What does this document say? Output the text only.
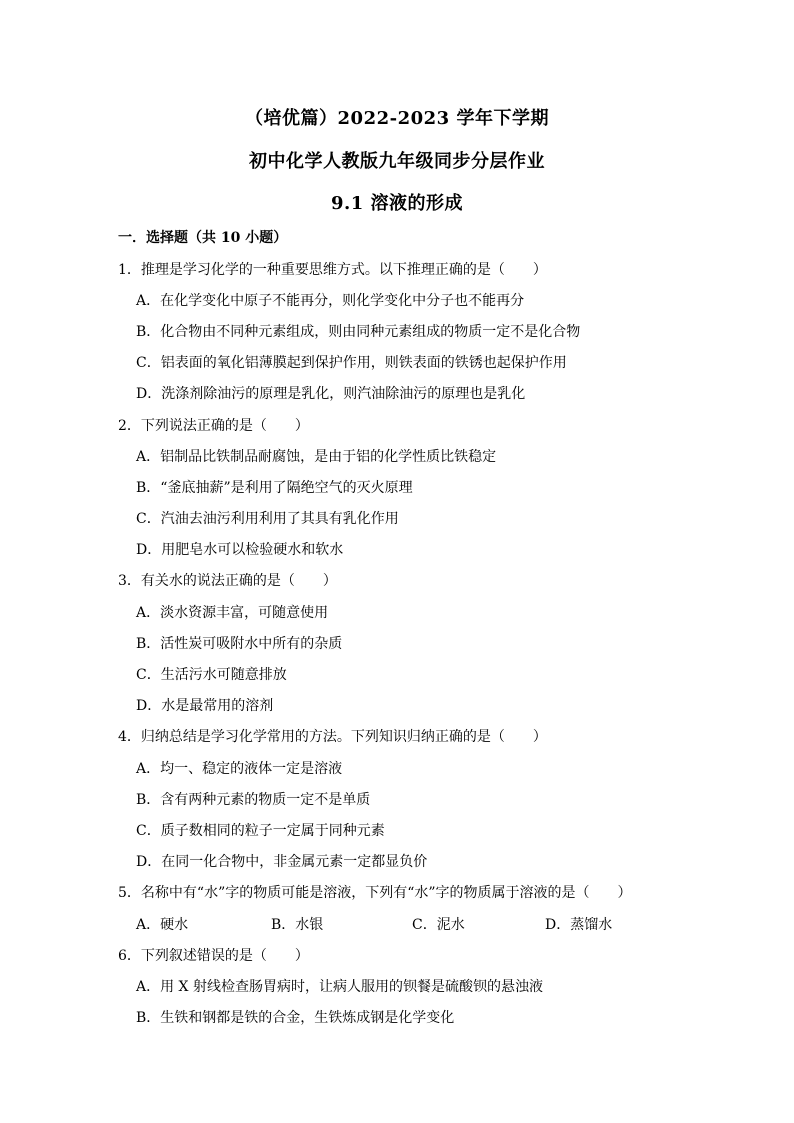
（培优篇）2022-2023 学年下学期
初中化学人教版九年级同步分层作业
9.1 溶液的形成
一．选择题（共 10 小题）
1．推理是学习化学的一种重要思维方式。以下推理正确的是（　　）
A．在化学变化中原子不能再分，则化学变化中分子也不能再分
B．化合物由不同种元素组成，则由同种元素组成的物质一定不是化合物
C．铝表面的氧化铝薄膜起到保护作用，则铁表面的铁锈也起保护作用
D．洗涤剂除油污的原理是乳化，则汽油除油污的原理也是乳化
2．下列说法正确的是（　　）
A．铝制品比铁制品耐腐蚀，是由于铝的化学性质比铁稳定
B．“釜底抽薪”是利用了隔绝空气的灭火原理
C．汽油去油污利用利用了其具有乳化作用
D．用肥皂水可以检验硬水和软水
3．有关水的说法正确的是（　　）
A．淡水资源丰富，可随意使用
B．活性炭可吸附水中所有的杂质
C．生活污水可随意排放
D．水是最常用的溶剂
4．归纳总结是学习化学常用的方法。下列知识归纳正确的是（　　）
A．均一、稳定的液体一定是溶液
B．含有两种元素的物质一定不是单质
C．质子数相同的粒子一定属于同种元素
D．在同一化合物中，非金属元素一定都显负价
5．名称中有“水”字的物质可能是溶液，下列有“水”字的物质属于溶液的是（　　）
A．硬水	B．水银	C．泥水	D．蒸馏水
6．下列叙述错误的是（　　）
A．用 X 射线检查肠胃病时，让病人服用的钡餐是硫酸钡的悬浊液
B．生铁和钢都是铁的合金，生铁炼成钢是化学变化
